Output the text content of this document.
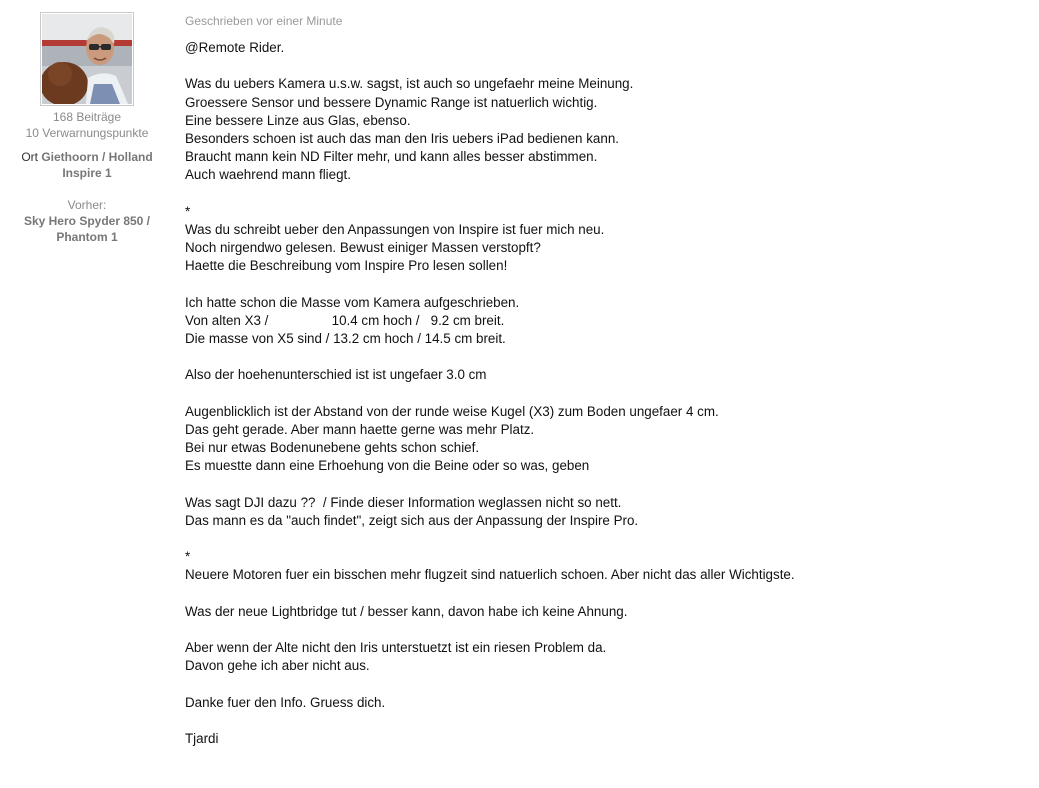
168 Beiträge
10 Verwarnungspunkte
Ort Giethoorn / Holland
Inspire 1
Vorher:
Sky Hero Spyder 850 /
Phantom 1
Geschrieben vor einer Minute
@Remote Rider.
Was du uebers Kamera u.s.w. sagst, ist auch so ungefaehr meine Meinung.
Groessere Sensor und bessere Dynamic Range ist natuerlich wichtig.
Eine bessere Linze aus Glas, ebenso.
Besonders schoen ist auch das man den Iris uebers iPad bedienen kann.
Braucht mann kein ND Filter mehr, und kann alles besser abstimmen.
Auch waehrend mann fliegt.
*
Was du schreibt ueber den Anpassungen von Inspire ist fuer mich neu.
Noch nirgendwo gelesen. Bewust einiger Massen verstopft?
Haette die Beschreibung vom Inspire Pro lesen sollen!
Ich hatte schon die Masse vom Kamera aufgeschrieben.
Von alten X3 /                 10.4 cm hoch /   9.2 cm breit.
Die masse von X5 sind / 13.2 cm hoch / 14.5 cm breit.
Also der hoehenunterschied ist ist ungefaer 3.0 cm
Augenblicklich ist der Abstand von der runde weise Kugel (X3) zum Boden ungefaer 4 cm.
Das geht gerade. Aber mann haette gerne was mehr Platz.
Bei nur etwas Bodenunebene gehts schon schief.
Es muestte dann eine Erhoehung von die Beine oder so was, geben
Was sagt DJI dazu ??  / Finde dieser Information weglassen nicht so nett.
Das mann es da "auch findet", zeigt sich aus der Anpassung der Inspire Pro.
*
Neuere Motoren fuer ein bisschen mehr flugzeit sind natuerlich schoen. Aber nicht das aller Wichtigste.
Was der neue Lightbridge tut / besser kann, davon habe ich keine Ahnung.
Aber wenn der Alte nicht den Iris unterstuetzt ist ein riesen Problem da.
Davon gehe ich aber nicht aus.
Danke fuer den Info. Gruess dich.
Tjardi
